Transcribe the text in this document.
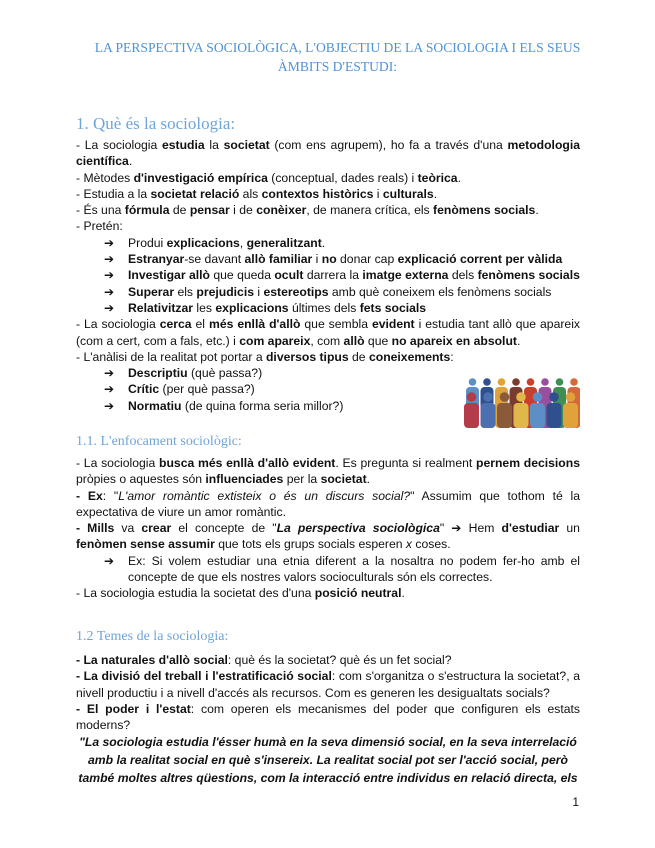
LA PERSPECTIVA SOCIOLÒGICA, L'OBJECTIU DE LA SOCIOLOGIA I ELS SEUS
ÀMBITS D'ESTUDI:
1. Què és la sociologia:

- La sociologia estudia la societat (com ens agrupem), ho fa a través d'una metodologia científica.

- Mètodes d'investigació empírica (conceptual, dades reals) i teòrica.

- Estudia a la societat relació als contextos històrics i culturals.

- És una fórmula de pensar i de conèixer, de manera crítica, els fenòmens socials.

- Pretén:

➔	Produi explicacions, generalitzant.
➔	Estranyar-se davant allò familiar i no donar cap explicació corrent per vàlida
➔	Investigar allò que queda ocult darrera la imatge externa dels fenòmens socials
➔	Superar els prejudicis i estereotips amb què coneixem els fenòmens socials
➔	Relativitzar les explicacions últimes dels fets socials

- La sociologia cerca el més enllà d'allò que sembla evident i estudia tant allò que apareix (com a cert, com a fals, etc.) i com apareix, com allò que no apareix en absolut.

- L'anàlisi de la realitat pot portar a diversos tipus de coneixements:

➔	Descriptiu (què passa?)
➔	Crític (per què passa?)
➔	Normatiu (de quina forma seria millor?)
1.1. L'enfocament sociològic:

- La sociologia busca més enllà d'allò evident. Es pregunta si realment pernem decisions pròpies o aquestes són influenciades per la societat.

- Ex: "L'amor romàntic extisteix o és un discurs social?" Assumim que tothom té la expectativa de viure un amor romàntic.

- Mills va crear el concepte de "La perspectiva sociològica" ➔ Hem d'estudiar un fenòmen sense assumir que tots els grups socials esperen x coses.

➔	Ex: Si volem estudiar una etnia diferent a la nosaltra no podem fer-ho amb el concepte de que els nostres valors socioculturals són els correctes.

- La sociologia estudia la societat des d'una posició neutral.

1.2 Temes de la sociologia:

- La naturales d'allò social: què és la societat? què és un fet social?

- La divisió del treball i l'estratificació social: com s'organitza o s'estructura la societat?, a nivell productiu i a nivell d'accés als recursos. Com es generen les desigualtats socials?

- El poder i l'estat: com operen els mecanismes del poder que configuren els estats moderns?

"La sociologia estudia l'ésser humà en la seva dimensió social, en la seva interrelació amb la realitat social en què s'insereix. La realitat social pot ser l'acció social, però també moltes altres qüestions, com la interacció entre individus en relació directa, els

1
